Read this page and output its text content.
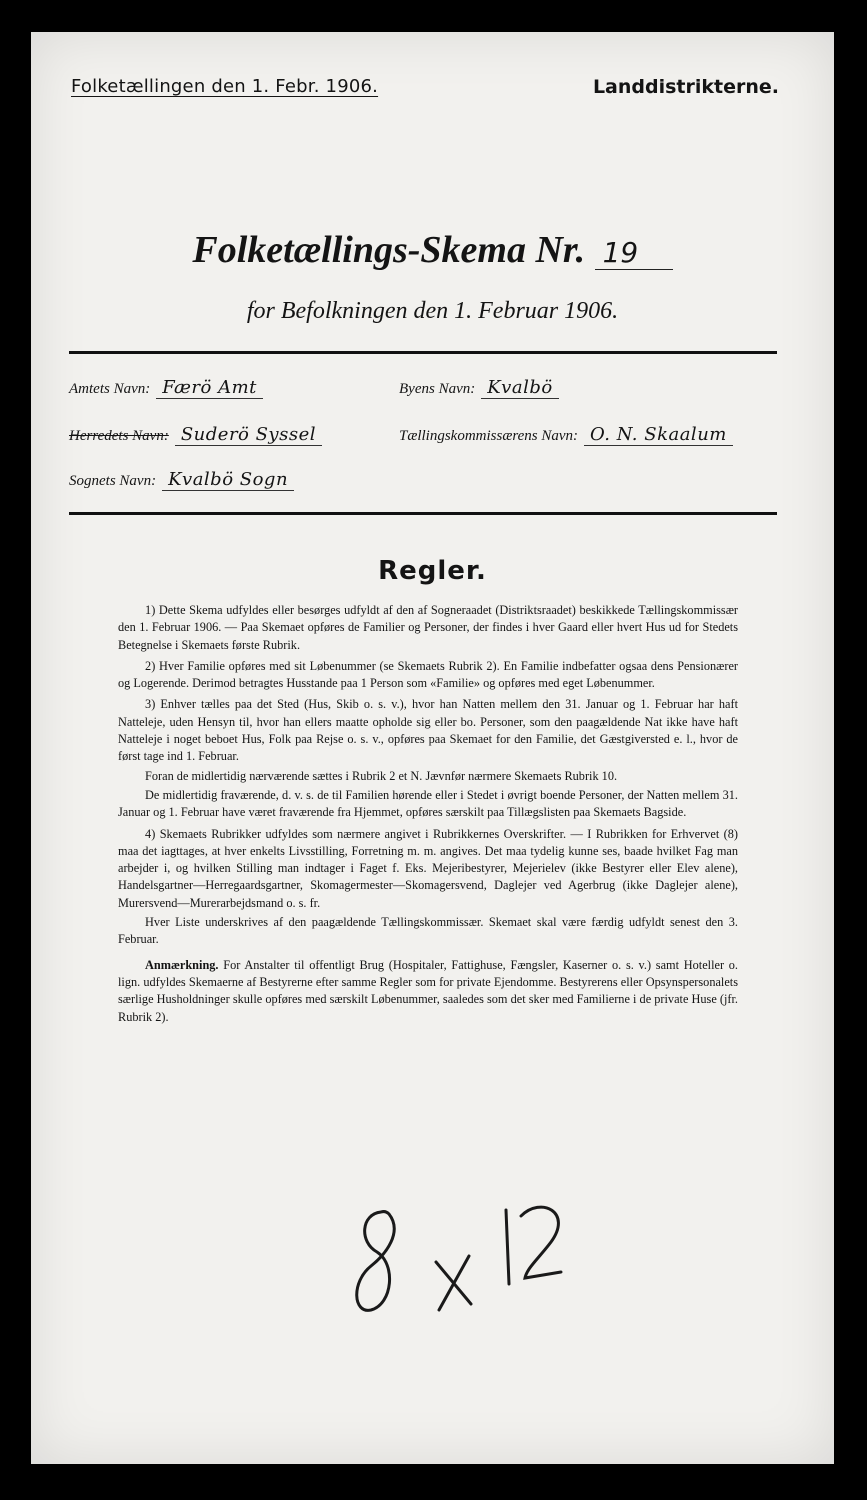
Folketællingen den 1. Febr. 1906.	Landdistrikterne.
Folketællings-Skema Nr. 19
for Befolkningen den 1. Februar 1906.
Amtets Navn: Færö Amt	Byens Navn: Kvalbö
Herredets Navn: Suderö Syssel	Tællingskommissærens Navn: O. N. Skaalum
Sognets Navn: Kvalbö Sogn
Regler.

1) Dette Skema udfyldes eller besørges udfyldt af den af Sogneraadet (Distriktsraadet) beskikkede Tællingskommissær den 1. Februar 1906. — Paa Skemaet opføres de Familier og Personer, der findes i hver Gaard eller hvert Hus ud for Stedets Betegnelse i Skemaets første Rubrik.

2) Hver Familie opføres med sit Løbenummer (se Skemaets Rubrik 2). En Familie indbefatter ogsaa dens Pensionærer og Logerende. Derimod betragtes Husstande paa 1 Person som «Familie» og opføres med eget Løbenummer.

3) Enhver tælles paa det Sted (Hus, Skib o. s. v.), hvor han Natten mellem den 31. Januar og 1. Februar har haft Natteleje, uden Hensyn til, hvor han ellers maatte opholde sig eller bo. Personer, som den paagældende Nat ikke have haft Natteleje i noget beboet Hus, Folk paa Rejse o. s. v., opføres paa Skemaet for den Familie, det Gæstgiversted e. l., hvor de først tage ind 1. Februar.

Foran de midlertidig nærværende sættes i Rubrik 2 et N. Jævnfør nærmere Skemaets Rubrik 10.

De midlertidig fraværende, d. v. s. de til Familien hørende eller i Stedet i øvrigt boende Personer, der Natten mellem 31. Januar og 1. Februar have været fraværende fra Hjemmet, opføres særskilt paa Tillægslisten paa Skemaets Bagside.

4) Skemaets Rubrikker udfyldes som nærmere angivet i Rubrikkernes Overskrifter. — I Rubrikken for Erhvervet (8) maa det iagttages, at hver enkelts Livsstilling, Forretning m. m. angives. Det maa tydelig kunne ses, baade hvilket Fag man arbejder i, og hvilken Stilling man indtager i Faget f. Eks. Mejeribestyrer, Mejerielev (ikke Bestyrer eller Elev alene), Handelsgartner—Herregaardsgartner, Skomagermester—Skomagersvend, Daglejer ved Agerbrug (ikke Daglejer alene), Murersvend—Murerarbejdsmand o. s. fr.

Hver Liste underskrives af den paagældende Tællingskommissær. Skemaet skal være færdig udfyldt senest den 3. Februar.

Anmærkning. For Anstalter til offentligt Brug (Hospitaler, Fattighuse, Fængsler, Kaserner o. s. v.) samt Hoteller o. lign. udfyldes Skemaerne af Bestyrerne efter samme Regler som for private Ejendomme. Bestyrerens eller Opsynspersonalets særlige Husholdninger skulle opføres med særskilt Løbenummer, saaledes som det sker med Familierne i de private Huse (jfr. Rubrik 2).
